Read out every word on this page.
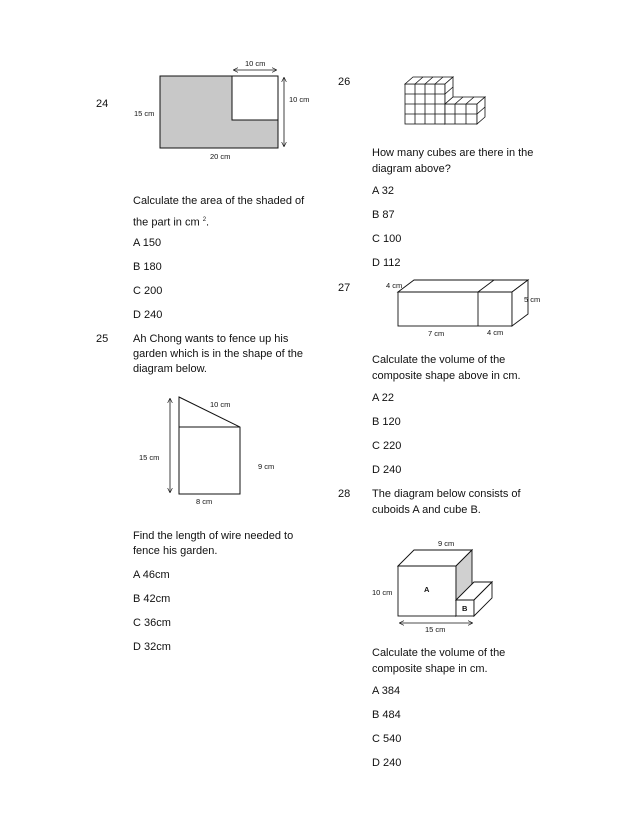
24
10 cm
10 cm
15 cm
20 cm
Calculate the area of the shaded of
the part in cm $^2$.
A 150
B 180
C 200
D 240
25 Ah Chong wants to fence up his
garden which is in the shape of the
diagram below.
10 cm
15 cm
9 cm
8 cm
Find the length of wire needed to
fence his garden.
A 46cm
B 42cm
C 36cm
D 32cm
26
How many cubes are there in the
diagram above?
A 32
B 87
C 100
D 112
27	4 cm
5 cm
7 cm	4 cm
Calculate the volume of the
composite shape above in cm.
A 22
B 120
C 220
D 240
28 The diagram below consists of
cuboids A and cube B.
9 cm
10 cm
15 cm
A
B
Calculate the volume of the
composite shape in cm.
A 384
B 484
C 540
D 240
